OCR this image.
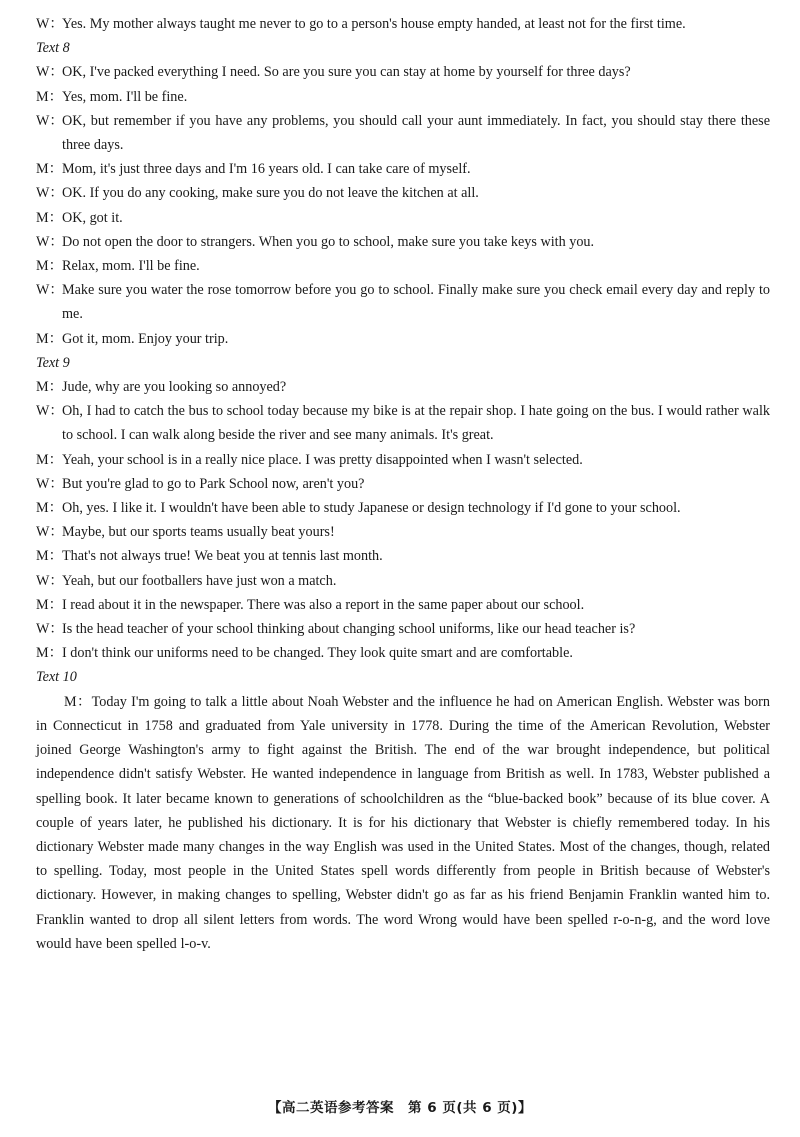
W：Yes. My mother always taught me never to go to a person's house empty handed, at least not for the first time.
Text 8
W：OK, I've packed everything I need. So are you sure you can stay at home by yourself for three days?
M：Yes, mom. I'll be fine.
W：OK, but remember if you have any problems, you should call your aunt immediately. In fact, you should stay there these three days.
M：Mom, it's just three days and I'm 16 years old. I can take care of myself.
W：OK. If you do any cooking, make sure you do not leave the kitchen at all.
M：OK, got it.
W：Do not open the door to strangers. When you go to school, make sure you take keys with you.
M：Relax, mom. I'll be fine.
W：Make sure you water the rose tomorrow before you go to school. Finally make sure you check email every day and reply to me.
M：Got it, mom. Enjoy your trip.
Text 9
M：Jude, why are you looking so annoyed?
W：Oh, I had to catch the bus to school today because my bike is at the repair shop. I hate going on the bus. I would rather walk to school. I can walk along beside the river and see many animals. It's great.
M：Yeah, your school is in a really nice place. I was pretty disappointed when I wasn't selected.
W：But you're glad to go to Park School now, aren't you?
M：Oh, yes. I like it. I wouldn't have been able to study Japanese or design technology if I'd gone to your school.
W：Maybe, but our sports teams usually beat yours!
M：That's not always true! We beat you at tennis last month.
W：Yeah, but our footballers have just won a match.
M：I read about it in the newspaper. There was also a report in the same paper about our school.
W：Is the head teacher of your school thinking about changing school uniforms, like our head teacher is?
M：I don't think our uniforms need to be changed. They look quite smart and are comfortable.
Text 10
M：Today I'm going to talk a little about Noah Webster and the influence he had on American English. Webster was born in Connecticut in 1758 and graduated from Yale university in 1778. During the time of the American Revolution, Webster joined George Washington's army to fight against the British. The end of the war brought independence, but political independence didn't satisfy Webster. He wanted independence in language from British as well. In 1783, Webster published a spelling book. It later became known to generations of schoolchildren as the “blue-backed book” because of its blue cover. A couple of years later, he published his dictionary. It is for his dictionary that Webster is chiefly remembered today. In his dictionary Webster made many changes in the way English was used in the United States. Most of the changes, though, related to spelling. Today, most people in the United States spell words differently from people in British because of Webster's dictionary. However, in making changes to spelling, Webster didn't go as far as his friend Benjamin Franklin wanted him to. Franklin wanted to drop all silent letters from words. The word Wrong would have been spelled r-o-n-g, and the word love would have been spelled l-o-v.
【高二英语参考答案　第 6 页(共 6 页)】
